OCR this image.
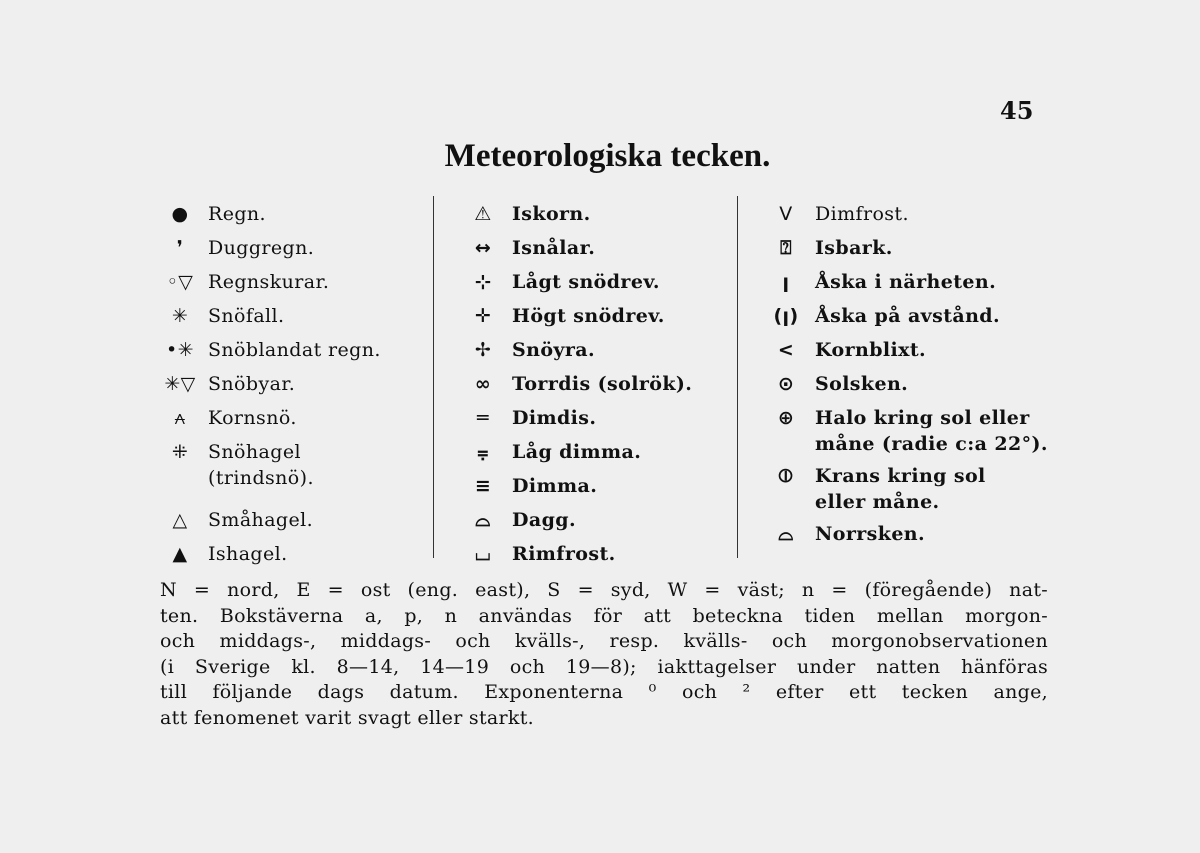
45
Meteorologiska tecken.
●	Regn.
❜	Duggregn.
◦▽ Regnskurar.
✳	Snöfall.
•✳ Snöblandat regn.
✳▽ Snöbyar.
⩜	Kornsnö.
⁜	Snöhagel
(trindsnö).
△	Småhagel.
▲	Ishagel.
⚠	Iskorn.
↔	Isnålar.
⊹	Lågt snödrev.
✛	Högt snödrev.
✢	Snöyra.
∞	Torrdis (solrök).
═	Dimdis.
⩦	Låg dimma.
≡	Dimma.
⌓	Dagg.
⌴	Rimfrost.
V	Dimfrost.
⍰	Isbark.
ꞁ	Åska i närheten.
(ꞁ) Åska på avstånd.
<	Kornblixt.
⊙	Solsken.
⊕	Halo kring sol eller
måne (radie c:a 22°).
⦶	Krans kring sol
eller måne.
⌓	Norrsken.
N = nord, E = ost (eng. east), S = syd, W = väst; n = (föregående) nat-
ten. Bokstäverna a, p, n användas för att beteckna tiden mellan morgon-
och middags-, middags- och kvälls-, resp. kvälls- och morgonobservationen
(i Sverige kl. 8—14, 14—19 och 19—8); iakttagelser under natten hänföras
till följande dags datum. Exponenterna ⁰ och ² efter ett tecken ange,
att fenomenet varit svagt eller starkt.
